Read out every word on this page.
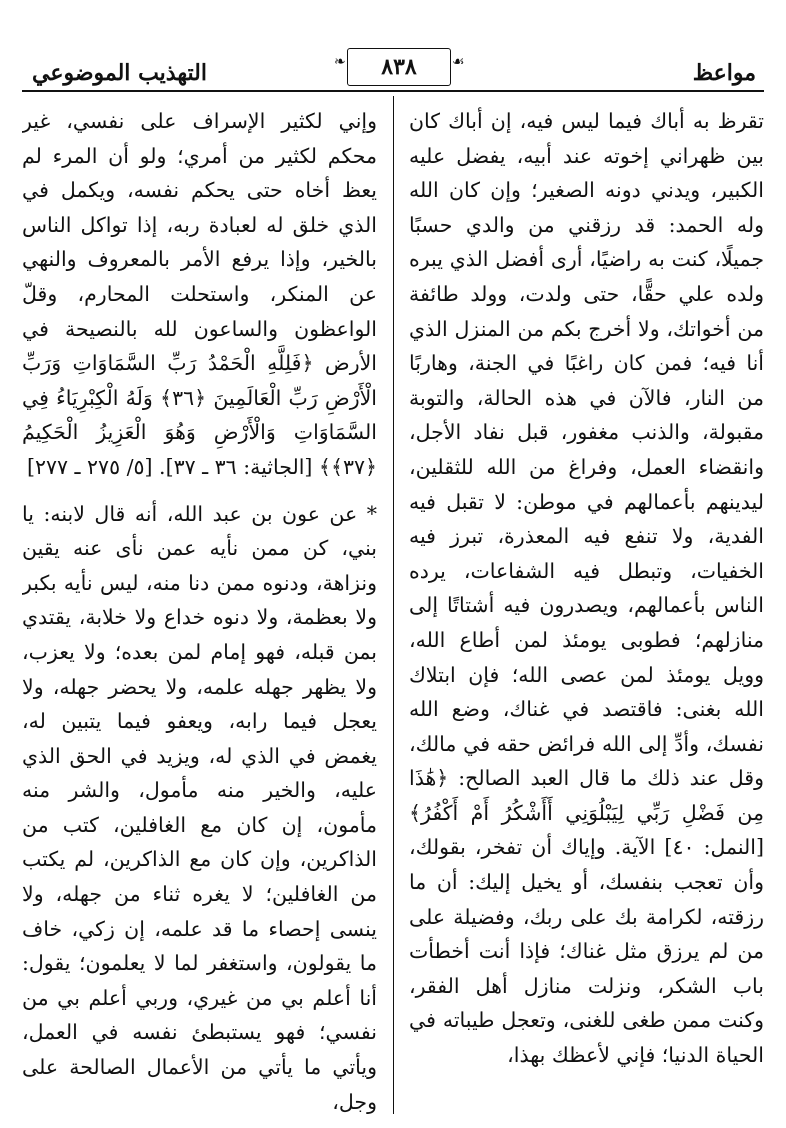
مواعظ
٨٣٨
❧	☙
التهذيب الموضوعي

تقرظ به أباك فيما ليس فيه، إن أباك كان بين ظهراني إخوته عند أبيه، يفضل عليه الكبير، ويدني دونه الصغير؛ وإن كان الله وله الحمد: قد رزقني من والدي حسبًا جميلًا، كنت به راضيًا، أرى أفضل الذي يبره ولده علي حقًّا، حتى ولدت، وولد طائفة من أخواتك، ولا أخرج بكم من المنزل الذي أنا فيه؛ فمن كان راغبًا في الجنة، وهاربًا من النار، فالآن في هذه الحالة، والتوبة مقبولة، والذنب مغفور، قبل نفاد الأجل، وانقضاء العمل، وفراغ من الله للثقلين، ليدينهم بأعمالهم في موطن: لا تقبل فيه الفدية، ولا تنفع فيه المعذرة، تبرز فيه الخفيات، وتبطل فيه الشفاعات، يرده الناس بأعمالهم، ويصدرون فيه أشتاتًا إلى منازلهم؛ فطوبى يومئذ لمن أطاع الله، وويل يومئذ لمن عصى الله؛ فإن ابتلاك الله بغنى: فاقتصد في غناك، وضع الله نفسك، وأدِّ إلى الله فرائض حقه في مالك، وقل عند ذلك ما قال العبد الصالح: ﴿هَٰذَا مِن فَضْلِ رَبِّي لِيَبْلُوَنِي أَأَشْكُرُ أَمْ أَكْفُرُ﴾ [النمل: ٤٠] الآية. وإياك أن تفخر، بقولك، وأن تعجب بنفسك، أو يخيل إليك: أن ما رزقته، لكرامة بك على ربك، وفضيلة على من لم يرزق مثل غناك؛ فإذا أنت أخطأت باب الشكر، ونزلت منازل أهل الفقر، وكنت ممن طغى للغنى، وتعجل طيباته في الحياة الدنيا؛ فإني لأعظك بهذا،

وإني لكثير الإسراف على نفسي، غير محكم لكثير من أمري؛ ولو أن المرء لم يعظ أخاه حتى يحكم نفسه، ويكمل في الذي خلق له لعبادة ربه، إذا تواكل الناس بالخير، وإذا يرفع الأمر بالمعروف والنهي عن المنكر، واستحلت المحارم، وقلّ الواعظون والساعون لله بالنصيحة في الأرض ﴿فَلِلَّهِ الْحَمْدُ رَبِّ السَّمَاوَاتِ وَرَبِّ الْأَرْضِ رَبِّ الْعَالَمِينَ ﴿٣٦﴾ وَلَهُ الْكِبْرِيَاءُ فِي السَّمَاوَاتِ وَالْأَرْضِ وَهُوَ الْعَزِيزُ الْحَكِيمُ ﴿٣٧﴾﴾ [الجاثية: ٣٦ ـ ٣٧]. [٥/ ٢٧٥ ـ ٢٧٧]

* عن عون بن عبد الله، أنه قال لابنه: يا بني، كن ممن نأيه عمن نأى عنه يقين ونزاهة، ودنوه ممن دنا منه، ليس نأيه بكبر ولا بعظمة، ولا دنوه خداع ولا خلابة، يقتدي بمن قبله، فهو إمام لمن بعده؛ ولا يعزب، ولا يظهر جهله علمه، ولا يحضر جهله، ولا يعجل فيما رابه، ويعفو فيما يتبين له، يغمض في الذي له، ويزيد في الحق الذي عليه، والخير منه مأمول، والشر منه مأمون، إن كان مع الغافلين، كتب من الذاكرين، وإن كان مع الذاكرين، لم يكتب من الغافلين؛ لا يغره ثناء من جهله، ولا ينسى إحصاء ما قد علمه، إن زكي، خاف ما يقولون، واستغفر لما لا يعلمون؛ يقول: أنا أعلم بي من غيري، وربي أعلم بي من نفسي؛ فهو يستبطئ نفسه في العمل، ويأتي ما يأتي من الأعمال الصالحة على وجل،
